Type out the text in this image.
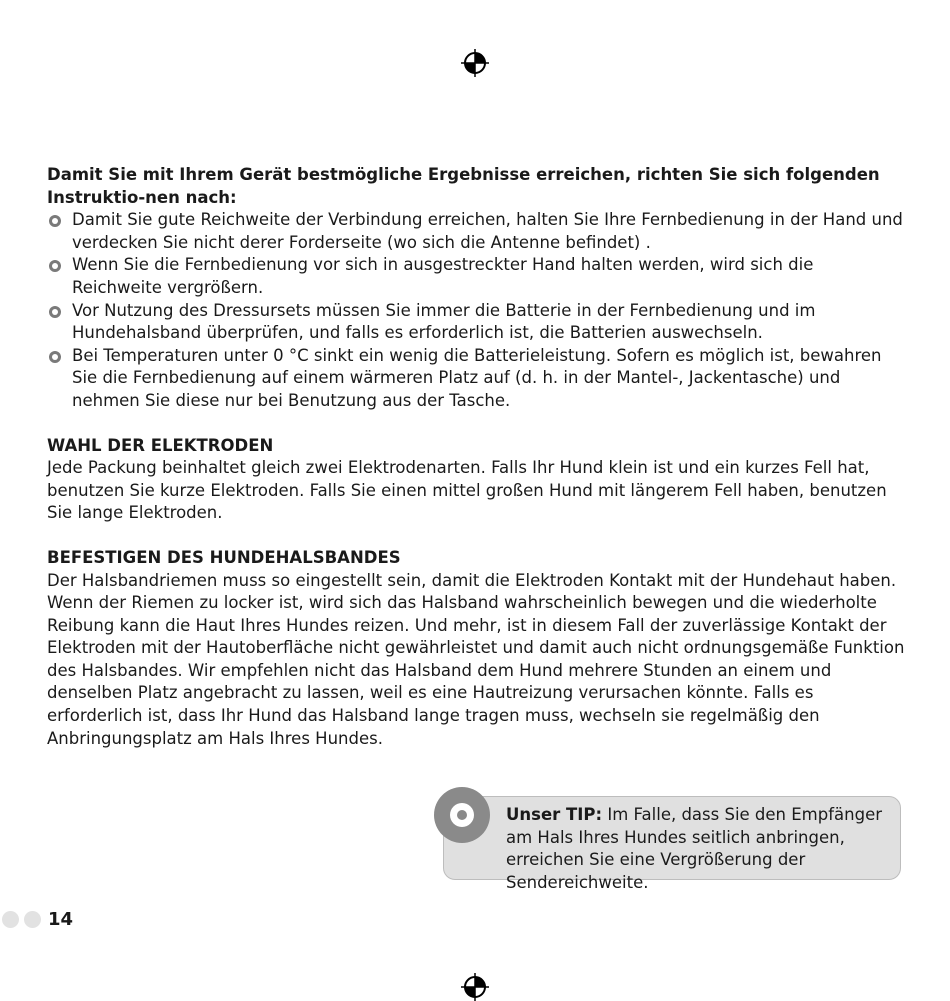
Damit Sie mit Ihrem Gerät bestmögliche Ergebnisse erreichen, richten Sie sich folgenden Instruktio-nen nach:

Damit Sie gute Reichweite der Verbindung erreichen, halten Sie Ihre Fernbedienung in der Hand und verdecken Sie nicht derer Forderseite (wo sich die Antenne befindet) .
Wenn Sie die Fernbedienung vor sich in ausgestreckter Hand halten werden, wird sich die Reichweite vergrößern.
Vor Nutzung des Dressursets müssen Sie immer die Batterie in der Fernbedienung und im Hundehalsband überprüfen, und falls es erforderlich ist, die Batterien auswechseln.
Bei Temperaturen unter 0 °C sinkt ein wenig die Batterieleistung. Sofern es möglich ist, bewahren Sie die Fernbedienung auf einem wärmeren Platz auf (d. h. in der Mantel-, Jackentasche) und nehmen Sie diese nur bei Benutzung aus der Tasche.

WAHL DER ELEKTRODEN

Jede Packung beinhaltet gleich zwei Elektrodenarten. Falls Ihr Hund klein ist und ein kurzes Fell hat, benutzen Sie kurze Elektroden. Falls Sie einen mittel großen Hund mit längerem Fell haben, benutzen Sie lange Elektroden.

BEFESTIGEN DES HUNDEHALSBANDES

Der Halsbandriemen muss so eingestellt sein, damit die Elektroden Kontakt mit der Hundehaut haben. Wenn der Riemen zu locker ist, wird sich das Halsband wahrscheinlich bewegen und die wiederholte Reibung kann die Haut Ihres Hundes reizen. Und mehr, ist in diesem Fall der zuverlässige Kontakt der Elektroden mit der Hautoberfläche nicht gewährleistet und damit auch nicht ordnungsgemäße Funktion des Halsbandes. Wir empfehlen nicht das Halsband dem Hund mehrere Stunden an einem und denselben Platz angebracht zu lassen, weil es eine Hautreizung verursachen könnte. Falls es erforderlich ist, dass Ihr Hund das Halsband lange tragen muss, wechseln sie regelmäßig den Anbringungsplatz am Hals Ihres Hundes.

Unser TIP: Im Falle, dass Sie den Empfänger am Hals Ihres Hundes seitlich anbringen, erreichen Sie eine Vergrößerung der Sendereichweite.

14
